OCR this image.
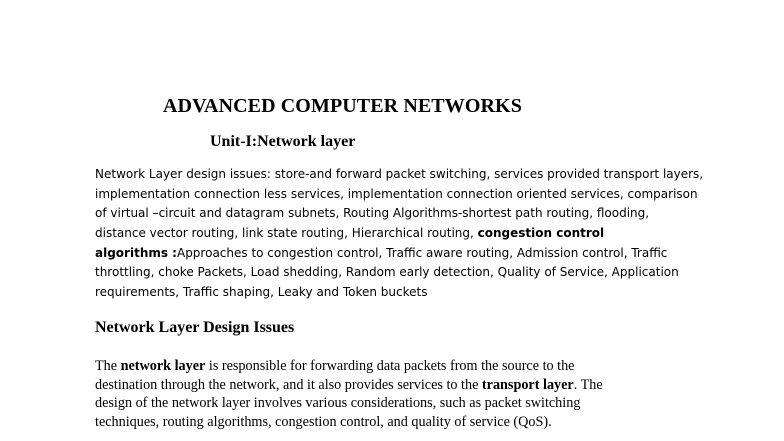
ADVANCED COMPUTER NETWORKS
Unit-I:Network layer
Network Layer design issues: store-and forward packet switching, services provided transport layers,
implementation connection less services, implementation connection oriented services, comparison
of virtual –circuit and datagram subnets, Routing Algorithms-shortest path routing, flooding,
distance vector routing, link state routing, Hierarchical routing, congestion control
algorithms :Approaches to congestion control, Traffic aware routing, Admission control, Traffic
throttling, choke Packets, Load shedding, Random early detection, Quality of Service, Application
requirements, Traffic shaping, Leaky and Token buckets
Network Layer Design Issues
The network layer is responsible for forwarding data packets from the source to the
destination through the network, and it also provides services to the transport layer. The
design of the network layer involves various considerations, such as packet switching
techniques, routing algorithms, congestion control, and quality of service (QoS).
